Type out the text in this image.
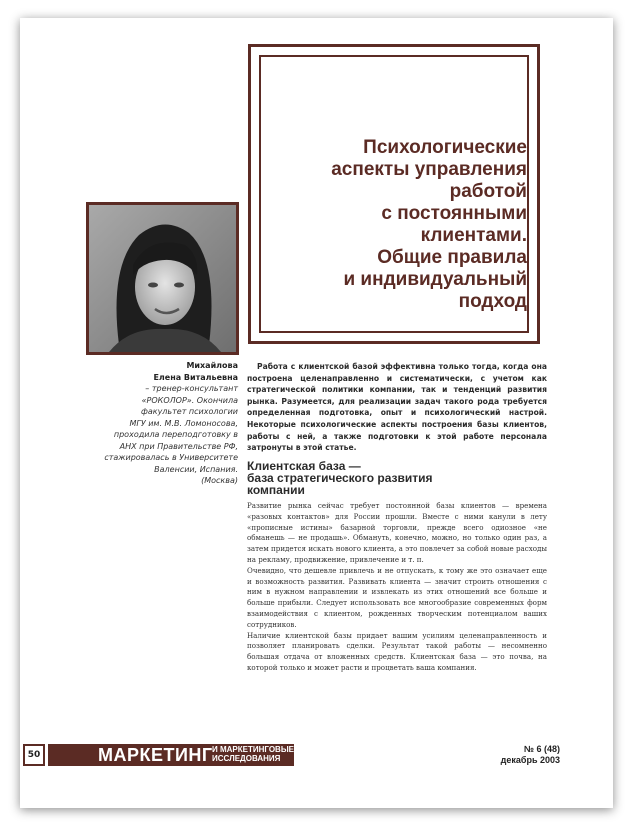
Психологические
аспекты управления
работой
с постоянными
клиентами.
Общие правила
и индивидуальный
подход
Михайлова
Елена Витальевна
– тренер-консультант
«РОКОЛОР». Окончила
факультет психологии
МГУ им. М.В. Ломоносова,
проходила переподготовку в
АНХ при Правительстве РФ,
стажировалась в Университете
Валенсии, Испания.
(Москва)

Работа с клиентской базой эффективна только тогда, когда она построена целенаправленно и систематически, с учетом как стратегической политики компании, так и тенденций развития рынка. Разумеется, для реализации задач такого рода требуется определенная подготовка, опыт и психологический настрой. Некоторые психологические аспекты построения базы клиентов, работы с ней, а также подготовки к этой работе персонала затронуты в этой статье.

Клиентская база —
база стратегического развития
компании

Развитие рынка сейчас требует постоянной базы клиентов — времена «разовых контактов» для России прошли. Вместе с ними канули в лету «прописные истины» базарной торговли, прежде всего одиозное «не обманешь — не продашь». Обмануть, конечно, можно, но только один раз, а затем придется искать нового клиента, а это повлечет за собой новые расходы на рекламу, продвижение, привлечение и т. п.

Очевидно, что дешевле привлечь и не отпускать, к тому же это означает еще и возможность развития. Развивать клиента — значит строить отношения с ним в нужном направлении и извлекать из этих отношений все больше и больше прибыли. Следует использовать все многообразие современных форм взаимодействия с клиентом, рожденных творческим потенциалом ваших сотрудников.

Наличие клиентской базы придает вашим усилиям целенаправленность и позволяет планировать сделки. Результат такой работы — несомненно большая отдача от вложенных средств. Клиентская база — это почва, на которой только и может расти и процветать ваша компания.

50	МАРКЕТИНГ И МАРКЕТИНГОВЫЕ
ИССЛЕДОВАНИЯ
№ 6 (48)
декабрь 2003
